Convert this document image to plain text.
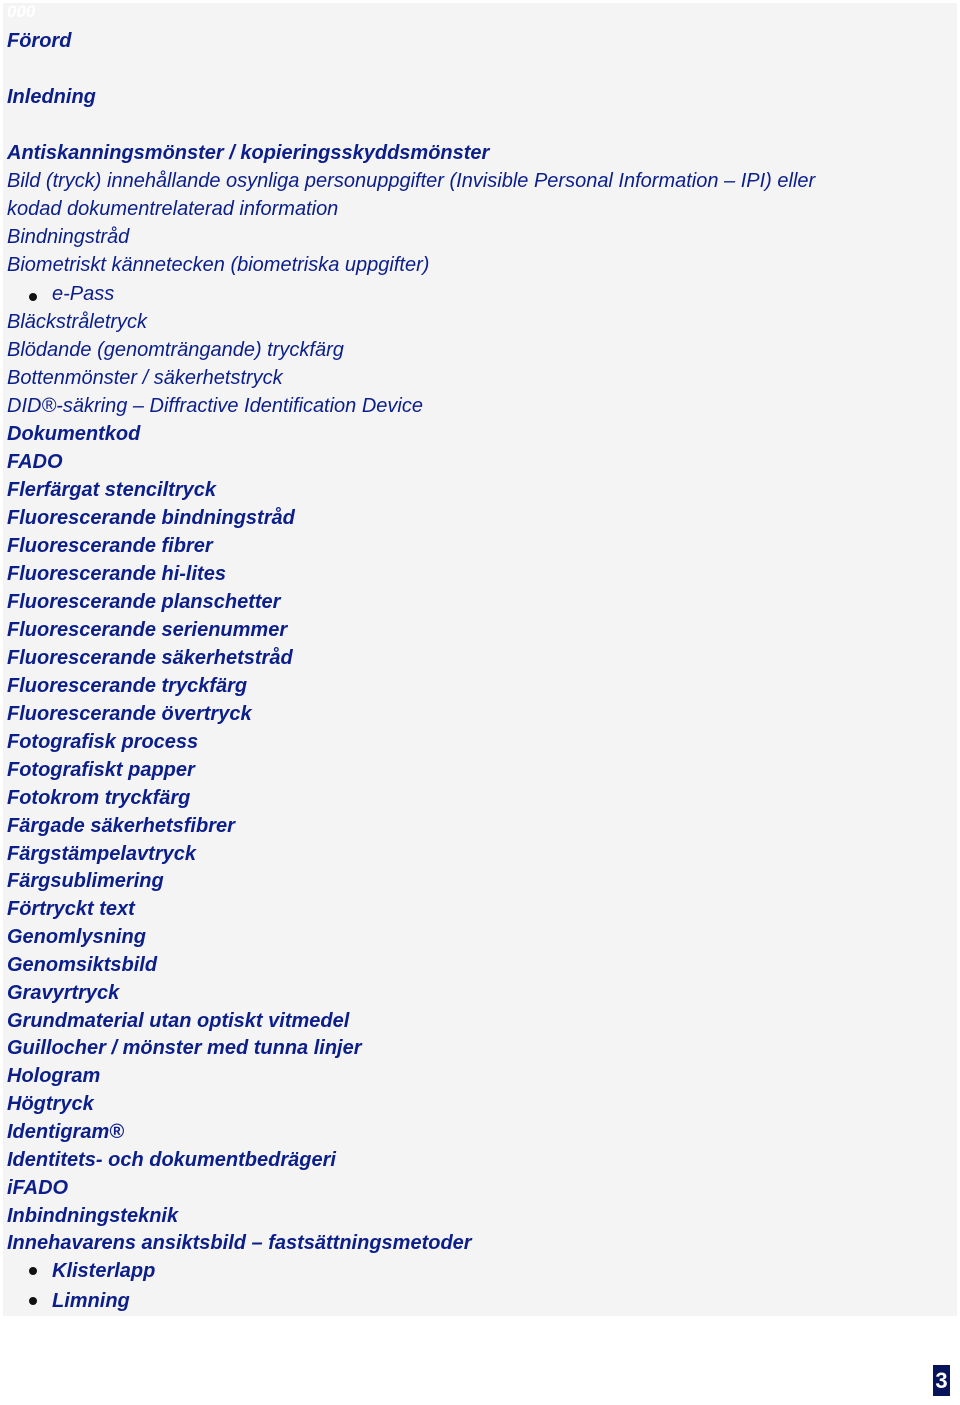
000
Förord
Inledning
Antiskanningsmönster / kopieringsskyddsmönster
Bild (tryck) innehållande osynliga personuppgifter (Invisible Personal Information – IPI) eller
kodad dokumentrelaterad information
Bindningstråd
Biometriskt kännetecken (biometriska uppgifter)
e-Pass
Bläckstråletryck
Blödande (genomträngande) tryckfärg
Bottenmönster / säkerhetstryck
DID®-säkring – Diffractive Identification Device
Dokumentkod
FADO
Flerfärgat stenciltryck
Fluorescerande bindningstråd
Fluorescerande fibrer
Fluorescerande hi-lites
Fluorescerande planschetter
Fluorescerande serienummer
Fluorescerande säkerhetstråd
Fluorescerande tryckfärg
Fluorescerande övertryck
Fotografisk process
Fotografiskt papper
Fotokrom tryckfärg
Färgade säkerhetsfibrer
Färgstämpelavtryck
Färgsublimering
Förtryckt text
Genomlysning
Genomsiktsbild
Gravyrtryck
Grundmaterial utan optiskt vitmedel
Guillocher / mönster med tunna linjer
Hologram
Högtryck
Identigram®
Identitets- och dokumentbedrägeri
iFADO
Inbindningsteknik
Innehavarens ansiktsbild – fastsättningsmetoder
Klisterlapp
Limning
3
